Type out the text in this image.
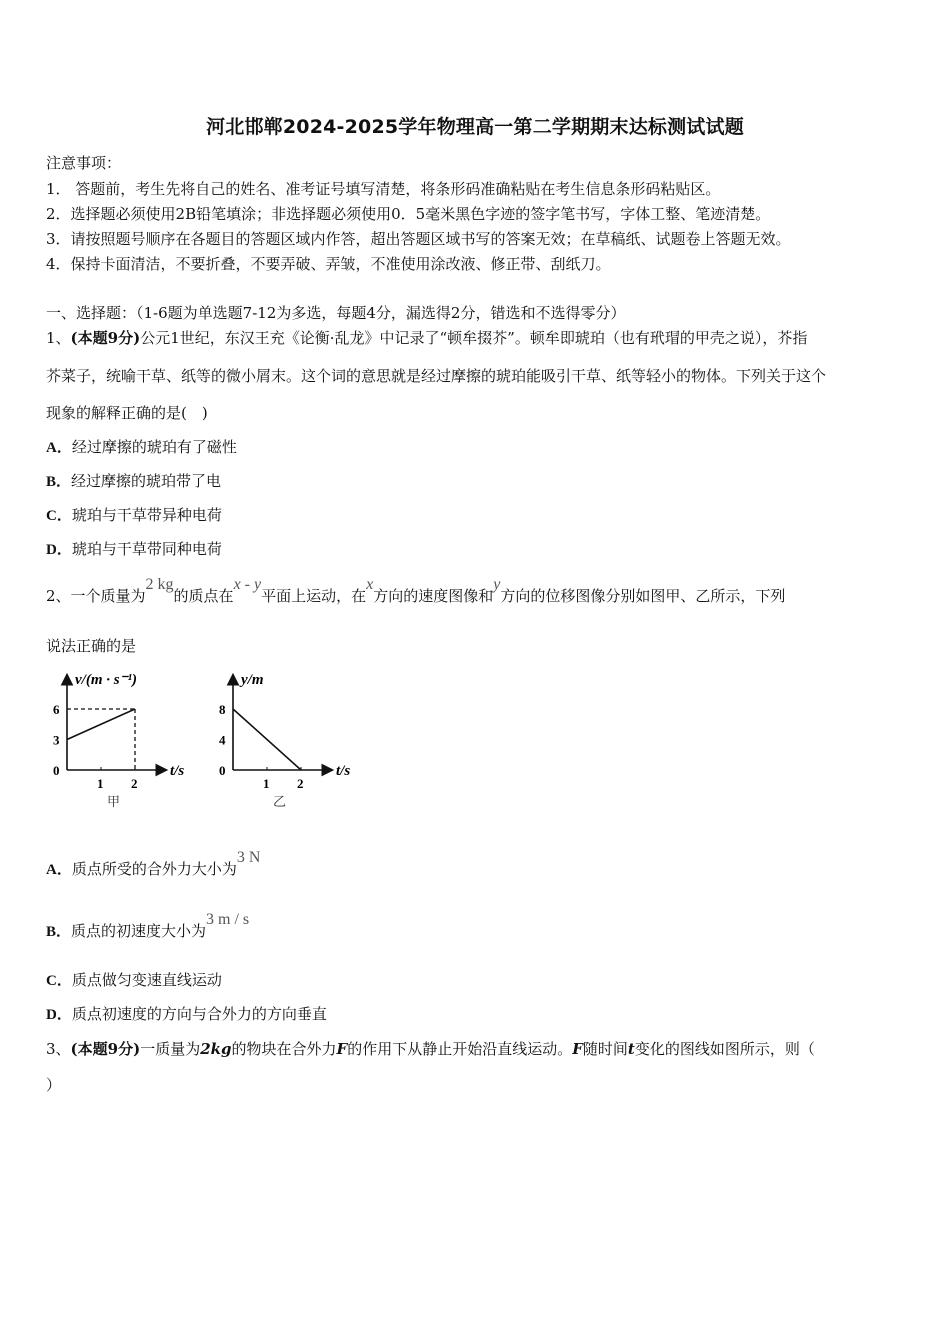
河北邯郸2024-2025学年物理高一第二学期期末达标测试试题
注意事项：
1． 答题前，考生先将自己的姓名、准考证号填写清楚，将条形码准确粘贴在考生信息条形码粘贴区。
2．选择题必须使用2B铅笔填涂；非选择题必须使用0．5毫米黑色字迹的签字笔书写，字体工整、笔迹清楚。
3．请按照题号顺序在各题目的答题区域内作答，超出答题区域书写的答案无效；在草稿纸、试题卷上答题无效。
4．保持卡面清洁，不要折叠，不要弄破、弄皱，不准使用涂改液、修正带、刮纸刀。
一、选择题：（1-6题为单选题7-12为多选，每题4分，漏选得2分，错选和不选得零分）
1、(本题9分)公元1世纪，东汉王充《论衡·乱龙》中记录了“顿牟掇芥”。顿牟即琥珀（也有玳瑁的甲壳之说），芥指
芥菜子，统喻干草、纸等的微小屑末。这个词的意思就是经过摩擦的琥珀能吸引干草、纸等轻小的物体。下列关于这个
现象的解释正确的是(　)
A．经过摩擦的琥珀有了磁性
B．经过摩擦的琥珀带了电
C．琥珀与干草带异种电荷
D．琥珀与干草带同种电荷
2、一个质量为2 kg的质点在x - y平面上运动，在x方向的速度图像和y方向的位移图像分别如图甲、乙所示，下列
说法正确的是
v/(m · s⁻¹)
t/s
0
1 2
3
6
甲
y/m
t/s
0
1 2
4
8
乙
A．质点所受的合外力大小为3 N
B．质点的初速度大小为3 m / s
C．质点做匀变速直线运动
D．质点初速度的方向与合外力的方向垂直
3、(本题9分)一质量为2kg的物块在合外力F的作用下从静止开始沿直线运动。F随时间t变化的图线如图所示，则（
）
